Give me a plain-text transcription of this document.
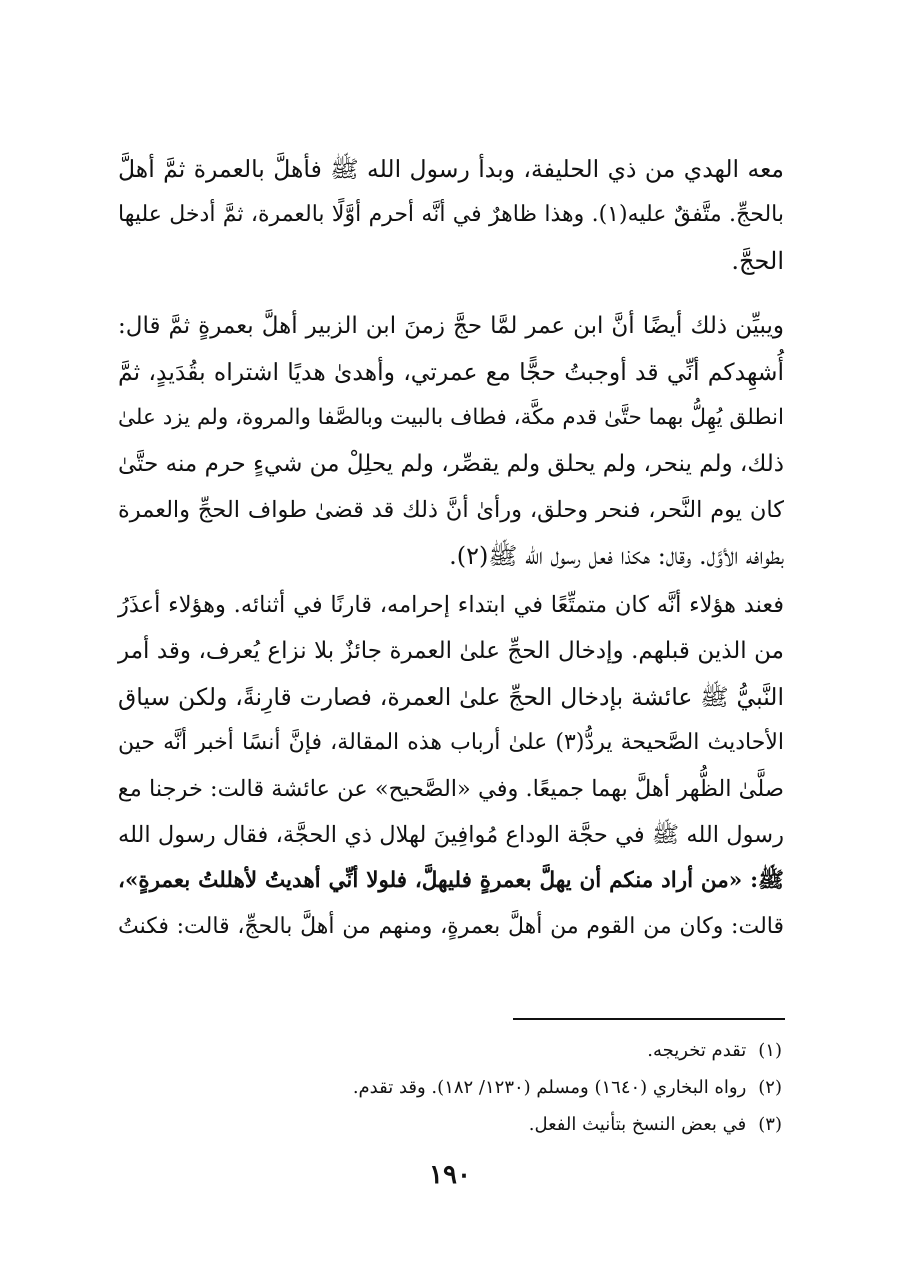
معه الهدي من ذي الحليفة، وبدأ رسول الله ﷺ فأهلَّ بالعمرة ثمَّ أهلَّ
بالحجِّ. متَّفقٌ عليه(١). وهذا ظاهرٌ في أنَّه أحرم أوَّلًا بالعمرة، ثمَّ أدخل عليها
الحجَّ.

ويبيِّن ذلك أيضًا أنَّ ابن عمر لمَّا حجَّ زمنَ ابن الزبير أهلَّ بعمرةٍ ثمَّ قال:
أُشهِدكم أنِّي قد أوجبتُ حجًّا مع عمرتي، وأهدىٰ هديًا اشتراه بقُدَيدٍ، ثمَّ
انطلق يُهِلُّ بهما حتَّىٰ قدم مكَّة، فطاف بالبيت وبالصَّفا والمروة، ولم يزد علىٰ
ذلك، ولم ينحر، ولم يحلق ولم يقصِّر، ولم يحلِلْ من شيءٍ حرم منه حتَّىٰ
كان يوم النَّحر، فنحر وحلق، ورأىٰ أنَّ ذلك قد قضىٰ طواف الحجِّ والعمرة
بطوافه الأوَّل. وقال: هكذا فعل رسول الله ﷺ(٢).

فعند هؤلاء أنَّه كان متمتِّعًا في ابتداء إحرامه، قارنًا في أثنائه. وهؤلاء أعذَرُ
من الذين قبلهم. وإدخال الحجِّ علىٰ العمرة جائزٌ بلا نزاع يُعرف، وقد أمر
النَّبيُّ ﷺ عائشة بإدخال الحجِّ علىٰ العمرة، فصارت قارِنةً، ولكن سياق
الأحاديث الصَّحيحة يردُّ(٣) علىٰ أرباب هذه المقالة، فإنَّ أنسًا أخبر أنَّه حين
صلَّىٰ الظُّهر أهلَّ بهما جميعًا. وفي «الصَّحيح» عن عائشة قالت: خرجنا مع
رسول الله ﷺ في حجَّة الوداع مُوافِينَ لهلال ذي الحجَّة، فقال رسول الله
ﷺ: «من أراد منكم أن يهلَّ بعمرةٍ فليهلَّ، فلولا أنِّي أهديتُ لأهللتُ بعمرةٍ»،
قالت: وكان من القوم من أهلَّ بعمرةٍ، ومنهم من أهلَّ بالحجِّ، قالت: فكنتُ

(١)تقدم تخريجه.
(٢)رواه البخاري (١٦٤٠) ومسلم (١٢٣٠/ ١٨٢). وقد تقدم.
(٣)في بعض النسخ بتأنيث الفعل.
١٩٠
